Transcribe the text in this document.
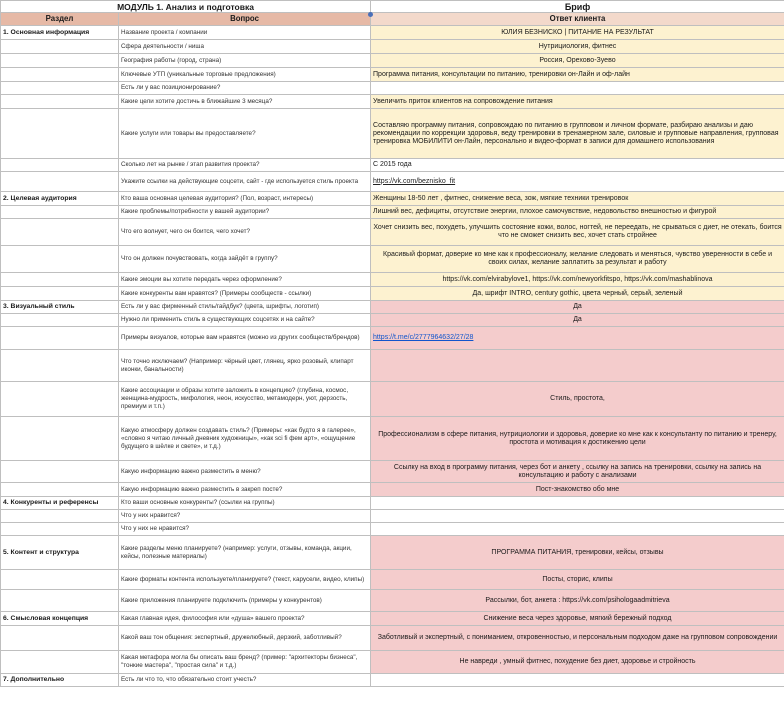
МОДУЛЬ 1. Анализ и подготовка		Бриф
Раздел	Вопрос	Ответ клиента
1. Основная информация	Название проекта / компании	ЮЛИЯ БЕЗНИСКО | ПИТАНИЕ НА РЕЗУЛЬТАТ
	Сфера деятельности / ниша	Нутрициология, фитнес
	География работы (город, страна)	Россия, Орехово-Зуево
	Ключевые УТП (уникальные торговые предложения)	Программа питания, консультации по питанию, тренировки он-Лайн и оф-лайн
	Есть ли у вас позиционирование?	
	Какие цели хотите достичь в ближайшие 3 месяца?	Увеличить приток клиентов на сопровождение питания
	Какие услуги или товары вы предоставляете?	Составляю программу питания, сопровождаю по питанию в групповом и личном формате, разбираю анализы и даю рекомендации по коррекции здоровья, веду тренировки в тренажерном зале, силовые и групповые направления, групповая тренировка МОБИЛИТИ он-Лайн, персонально и видео-формат в записи для домашнего использования
	Сколько лет на рынке / этап развития проекта?	С 2015 года
	Укажите ссылки на действующие соцсети, сайт - где используется стиль проекта	https://vk.com/beznisko_fit
2. Целевая аудитория	Кто ваша основная целевая аудитория? (Пол, возраст, интересы)	Женщины 18-50 лет , фитнес, снижение веса, зож, мягкие техники тренировок
	Какие проблемы/потребности у вашей аудитории?	Лишний вес, дефициты, отсутствие энергии, плохое самочувствие, недовольство внешностью и фигурой
	Что его волнует, чего он боится, чего хочет?	Хочет снизить вес, похудеть, улучшить состояние кожи, волос, ногтей, не переедать, не срываться с диет, не отекать, боится что не сможет снизить вес, хочет стать стройнее
	Что он должен почувствовать, когда зайдёт в группу?	Красивый формат, доверие ко мне как к профессионалу, желание следовать и меняться, чувство уверенности в себе и своих силах, желание заплатить за результат и работу
	Какие эмоции вы хотите передать через оформление?	https://vk.com/elvirabylove1, https://vk.com/newyorkfitspo, https://vk.com/mashablinova
	Какие конкуренты вам нравятся? (Примеры сообществ - ссылки)	Да, шрифт INTRO, century gothic, цвета черный, серый, зеленый
3. Визуальный стиль	Есть ли у вас фирменный стиль/гайдбук? (цвета, шрифты, логотип)	Да
	Нужно ли применить стиль в существующих соцсетях и на сайте?	Да
	Примеры визуалов, которые вам нравятся (можно из других сообществ/брендов)	https://t.me/c/2777964632/27/28
	Что точно исключаем? (Например: чёрный цвет, глянец, ярко розовый, клипарт иконки, банальности)	
	Какие ассоциации и образы хотите заложить в концепцию? (глубина, космос, женщина-мудрость, мифология, неон, искусство, метамодерн, уют, дерзость, премиум и т.п.)	Стиль, простота,
	Какую атмосферу должен создавать стиль? (Примеры: «как будто я в галерее», «словно я читаю личный дневник художницы», «как sci fi фем арт», «ощущение будущего в шёлке и свете», и т.д.)	Профессионализм в сфере питания, нутрициологии и здоровья, доверие ко мне как к консультанту по питанию и тренеру, простота и мотивация к достижению цели
	Какую информацию важно разместить в меню?	Ссылку на вход в программу питания, через бот и анкету , ссылку на запись на тренировки, ссылку на запись на консультацию и работу с анализами
	Какую информацию важно разместить в закреп посте?	Пост-знакомство обо мне
4. Конкуренты и референсы	Кто ваши основные конкуренты? (ссылки на группы)	
	Что у них нравится?	
	Что у них не нравится?	
5. Контент и структура	Какие разделы меню планируете? (например: услуги, отзывы, команда, акции, кейсы, полезные материалы)	ПРОГРАММА ПИТАНИЯ, тренировки, кейсы, отзывы
	Какие форматы контента используете/планируете? (текст, карусели, видео, клипы)	Посты, сторис, клипы
	Какие приложения планируете подключить (примеры у конкурентов)	Рассылки, бот, анкета : https://vk.com/psihologaadmitrieva
6. Смысловая концепция	Какая главная идея, философия или «душа» вашего проекта?	Снижение веса через здоровье, мягкий бережный подход
	Какой ваш тон общения: экспертный, дружелюбный, дерзкий, заботливый?	Заботливый и экспертный, с пониманием, откровенностью, и персональным подходом даже на групповом сопровождении
	Какая метафора могла бы описать ваш бренд? (пример: "архитекторы бизнеса", "тонкие мастера", "простая сила" и т.д.)	Не навреди , умный фитнес, похудение без диет, здоровье и стройность
7. Дополнительно	Есть ли что то, что обязательно стоит учесть?	
